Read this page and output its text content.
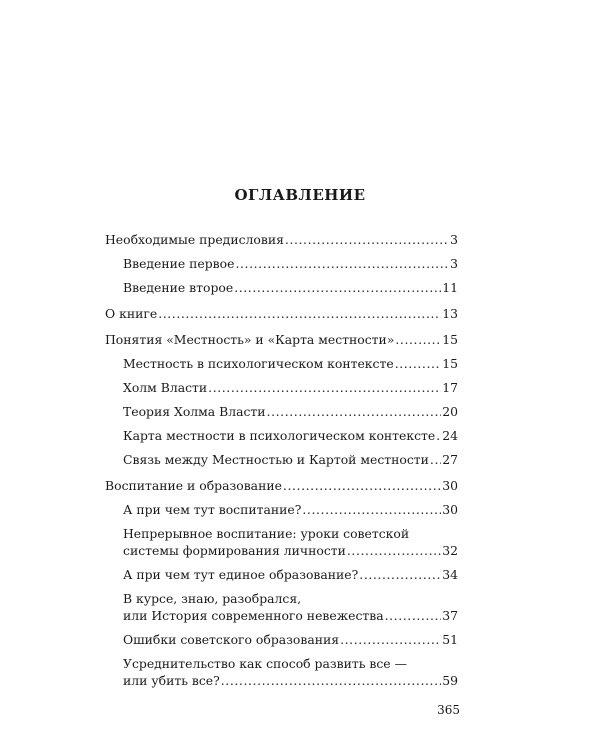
ОГЛАВЛЕНИЕ
Необходимые предисловия .....	3
Введение первое .....	3
Введение второе .....	11
О книге .....	13
Понятия «Местность» и «Карта местности» .....	15
Местность в психологическом контексте .....	15
Холм Власти .....	17
Теория Холма Власти .....	20
Карта местности в психологическом контексте ..... 24
Связь между Местностью и Картой местности ..... 27
Воспитание и образование .....	30
А при чем тут воспитание? .....	30
Непрерывное воспитание: уроки советской
системы формирования личности .....	32
А при чем тут единое образование? .....	34
В курсе, знаю, разобрался,
или История современного невежества .....	37
Ошибки советского образования .....	51
Усреднительство как способ развить все —
или убить все? .....	59
365
